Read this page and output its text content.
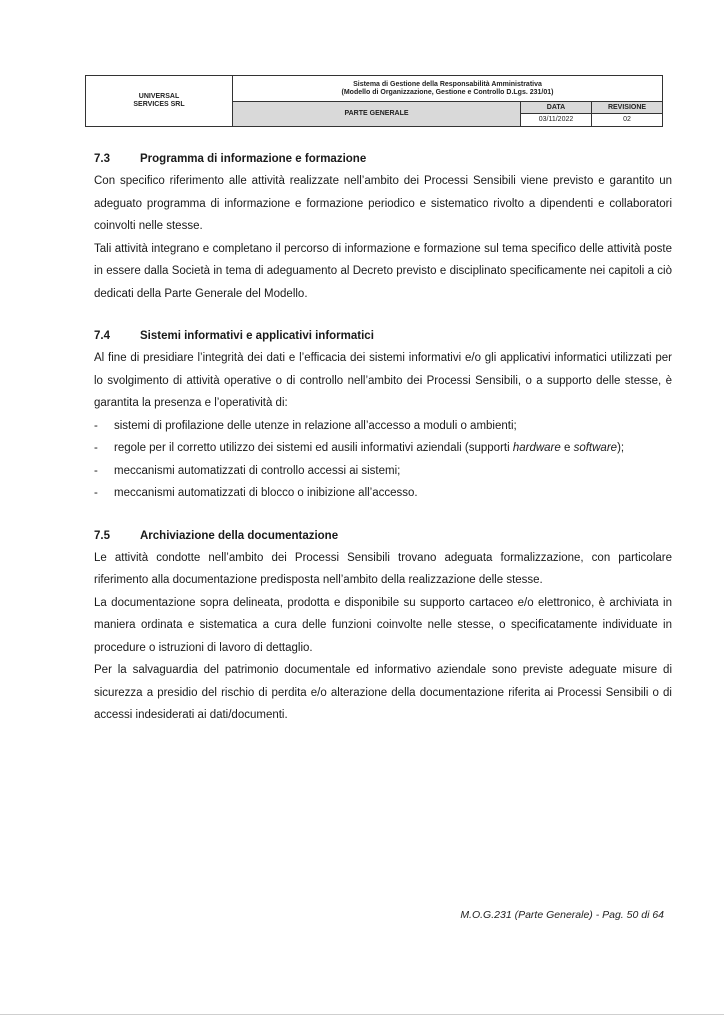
UNIVERSAL
SERVICES SRL
Sistema di Gestione della Responsabilità Amministrativa
(Modello di Organizzazione, Gestione e Controllo D.Lgs. 231/01)
PARTE GENERALE
DATA	REVISIONE
03/11/2022	02
7.3	Programma di informazione e formazione

Con specifico riferimento alle attività realizzate nell’ambito dei Processi Sensibili viene previsto e garantito un adeguato programma di informazione e formazione periodico e sistematico rivolto a dipendenti e collaboratori coinvolti nelle stesse.

Tali attività integrano e completano il percorso di informazione e formazione sul tema specifico delle attività poste in essere dalla Società in tema di adeguamento al Decreto previsto e disciplinato specificamente nei capitoli a ciò dedicati della Parte Generale del Modello.

7.4	Sistemi informativi e applicativi informatici

Al fine di presidiare l’integrità dei dati e l’efficacia dei sistemi informativi e/o gli applicativi informatici utilizzati per lo svolgimento di attività operative o di controllo nell’ambito dei Processi Sensibili, o a supporto delle stesse, è garantita la presenza e l’operatività di:

-	sistemi di profilazione delle utenze in relazione all’accesso a moduli o ambienti;
-	regole per il corretto utilizzo dei sistemi ed ausili informativi aziendali (supporti hardware e software);
-	meccanismi automatizzati di controllo accessi ai sistemi;
-	meccanismi automatizzati di blocco o inibizione all’accesso.
7.5	Archiviazione della documentazione

Le attività condotte nell’ambito dei Processi Sensibili trovano adeguata formalizzazione, con particolare riferimento alla documentazione predisposta nell’ambito della realizzazione delle stesse.

La documentazione sopra delineata, prodotta e disponibile su supporto cartaceo e/o elettronico, è archiviata in maniera ordinata e sistematica a cura delle funzioni coinvolte nelle stesse, o specificatamente individuate in procedure o istruzioni di lavoro di dettaglio.

Per la salvaguardia del patrimonio documentale ed informativo aziendale sono previste adeguate misure di sicurezza a presidio del rischio di perdita e/o alterazione della documentazione riferita ai Processi Sensibili o di accessi indesiderati ai dati/documenti.

M.O.G.231 (Parte Generale) - Pag. 50 di 64
